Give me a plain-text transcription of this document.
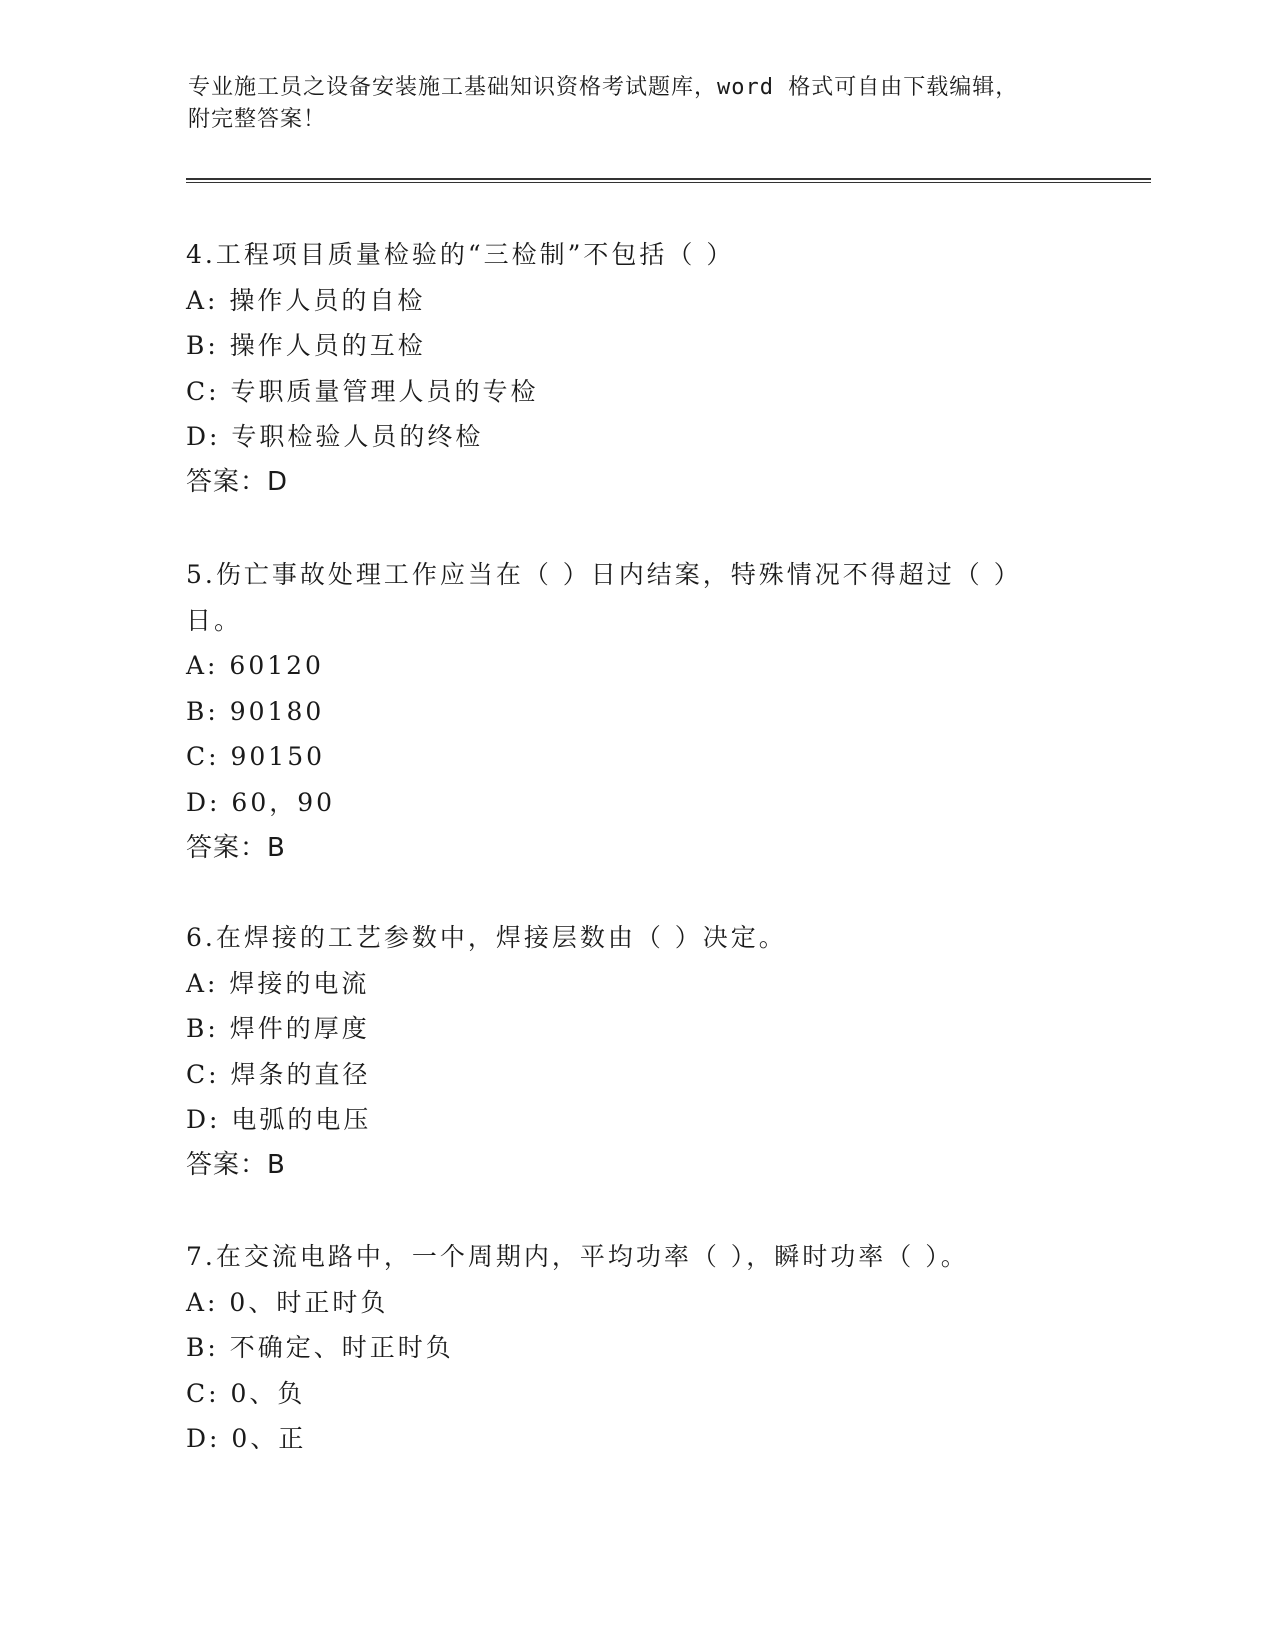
专业施工员之设备安装施工基础知识资格考试题库，word 格式可自由下载编辑，
附完整答案！
4.工程项目质量检验的“三检制”不包括（ ）
A: 操作人员的自检
B: 操作人员的互检
C: 专职质量管理人员的专检
D: 专职检验人员的终检
答案：D
5.伤亡事故处理工作应当在（ ）日内结案，特殊情况不得超过（ ）
日。
A: 60120
B: 90180
C: 90150
D: 60，90
答案：B
6.在焊接的工艺参数中，焊接层数由（ ）决定。
A: 焊接的电流
B: 焊件的厚度
C: 焊条的直径
D: 电弧的电压
答案：B
7.在交流电路中，一个周期内，平均功率（ ），瞬时功率（ ）。
A: 0、时正时负
B: 不确定、时正时负
C: 0、负
D: 0、正
